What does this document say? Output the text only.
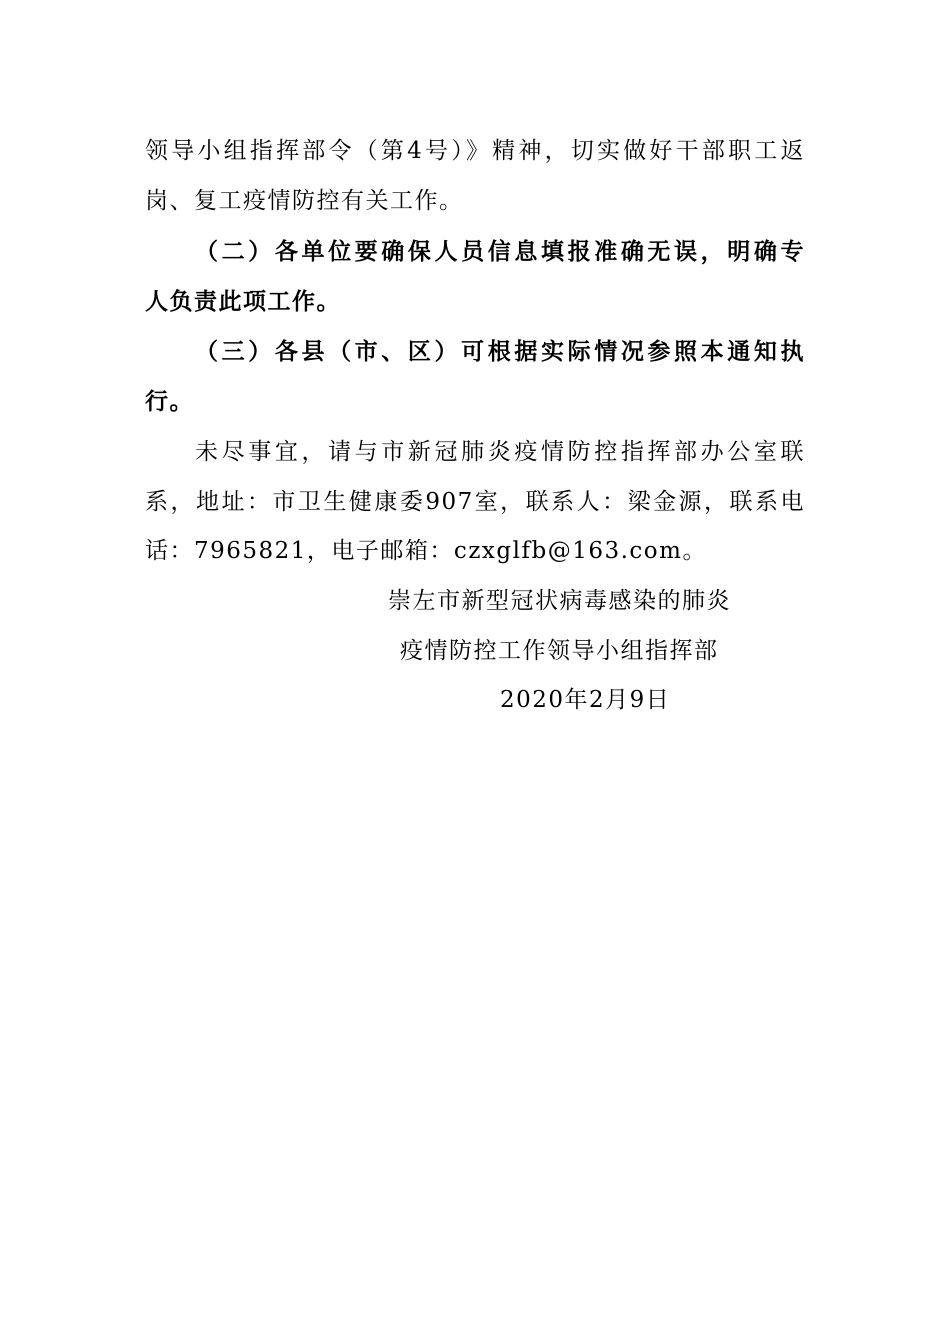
领导小组指挥部令（第4号）》精神，切实做好干部职工返
岗、复工疫情防控有关工作。
（二）各单位要确保人员信息填报准确无误，明确专
人负责此项工作。
（三）各县（市、区）可根据实际情况参照本通知执
行。
未尽事宜，请与市新冠肺炎疫情防控指挥部办公室联
系，地址：市卫生健康委907室，联系人：梁金源，联系电
话：7965821，电子邮箱：czxglfb@163.com。
崇左市新型冠状病毒感染的肺炎
疫情防控工作领导小组指挥部
2020年2月9日
